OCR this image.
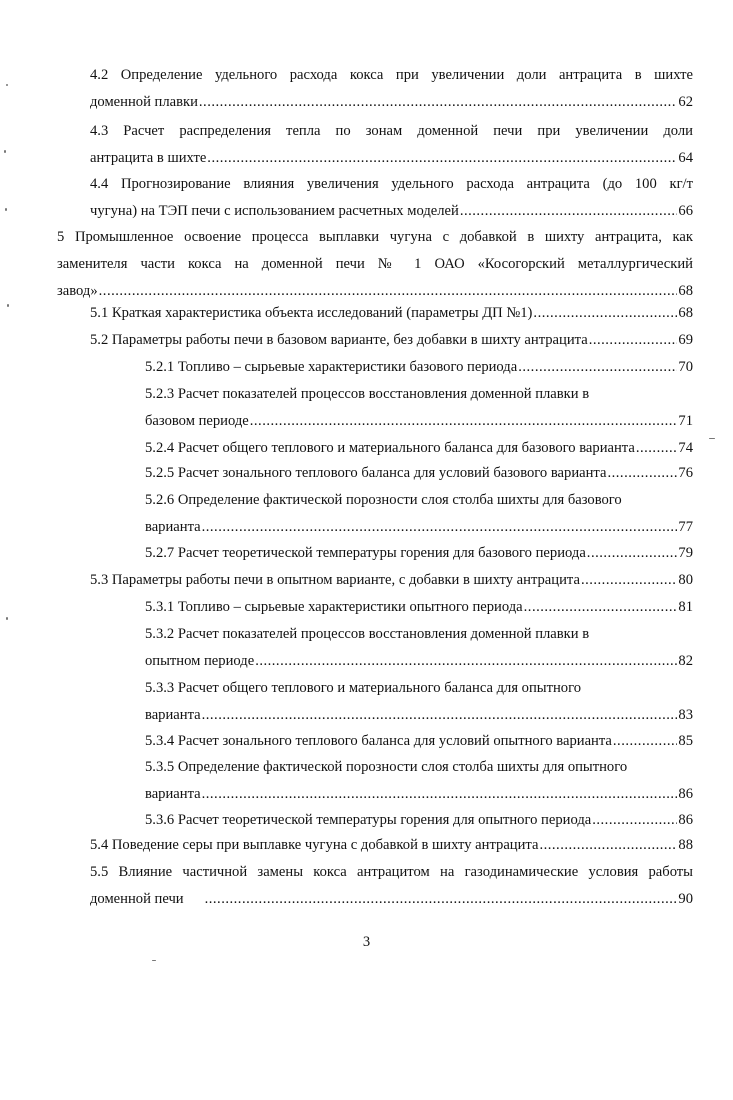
4.2 Определение удельного расхода кокса при увеличении доли антрацита в шихте
доменной плавки .....	62
4.3 Расчет распределения тепла по зонам доменной печи при увеличении доли
антрацита в шихте .....	64
4.4 Прогнозирование влияния увеличения удельного расхода антрацита (до 100 кг/т
чугуна) на ТЭП печи с использованием расчетных моделей .....	66
5 Промышленное освоение процесса выплавки чугуна с добавкой в шихту антрацита, как
заменителя части кокса на доменной печи № 1 ОАО «Косогорский металлургический
завод» .....	68
5.1 Краткая характеристика объекта исследований (параметры ДП №1) .....	68
5.2 Параметры работы печи в базовом варианте, без добавки в шихту антрацита .....	69
5.2.1 Топливо – сырьевые характеристики базового периода .....	70
5.2.3 Расчет показателей процессов восстановления доменной плавки в
базовом периоде .....	71
5.2.4 Расчет общего теплового и материального баланса для базового варианта .....	74
5.2.5 Расчет зонального теплового баланса для условий базового варианта .....	76
5.2.6 Определение фактической порозности слоя столба шихты для базового
варианта .....	77
5.2.7 Расчет теоретической температуры горения для базового периода .....	79
5.3 Параметры работы печи в опытном варианте, с добавки в шихту антрацита .....	80
5.3.1 Топливо – сырьевые характеристики опытного периода .....	81
5.3.2 Расчет показателей процессов восстановления доменной плавки в
опытном периоде .....	82
5.3.3 Расчет общего теплового и материального баланса для опытного
варианта .....	83
5.3.4 Расчет зонального теплового баланса для условий опытного варианта .....	85
5.3.5 Определение фактической порозности слоя столба шихты для опытного
варианта .....	86
5.3.6 Расчет теоретической температуры горения для опытного периода .....	86
5.4 Поведение серы при выплавке чугуна с добавкой в шихту антрацита .....	88
5.5 Влияние частичной замены кокса антрацитом на газодинамические условия работы
доменной печи .....	90
3
